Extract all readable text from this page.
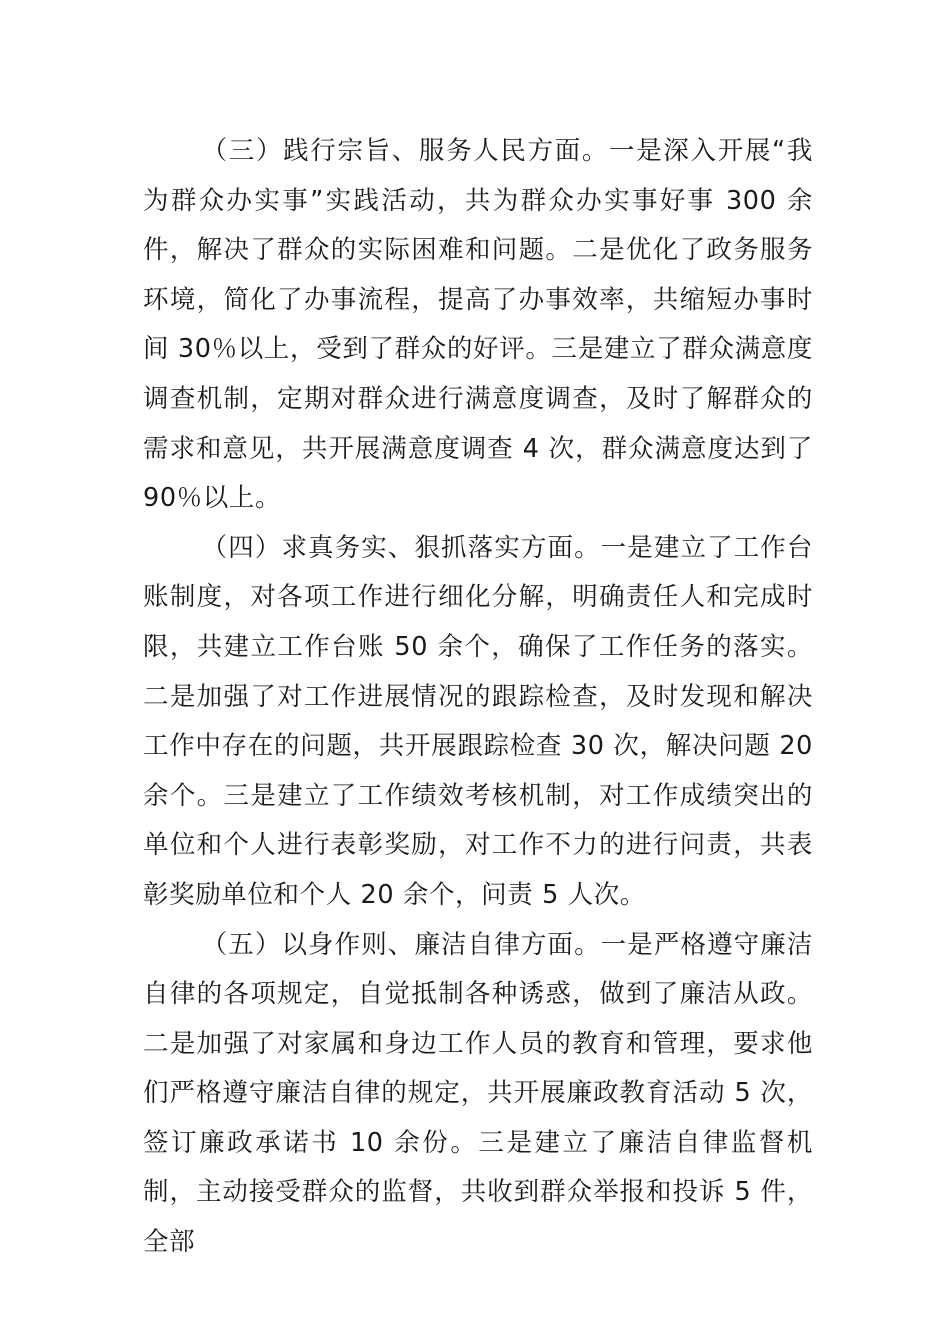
（三）践行宗旨、服务人民方面。一是深入开展“我为群众办实事”实践活动，共为群众办实事好事 300 余件，解决了群众的实际困难和问题。二是优化了政务服务环境，简化了办事流程，提高了办事效率，共缩短办事时间 30％以上，受到了群众的好评。三是建立了群众满意度调查机制，定期对群众进行满意度调查，及时了解群众的需求和意见，共开展满意度调查 4 次，群众满意度达到了 90％以上。

（四）求真务实、狠抓落实方面。一是建立了工作台账制度，对各项工作进行细化分解，明确责任人和完成时限，共建立工作台账 50 余个，确保了工作任务的落实。二是加强了对工作进展情况的跟踪检查，及时发现和解决工作中存在的问题，共开展跟踪检查 30 次，解决问题 20 余个。三是建立了工作绩效考核机制，对工作成绩突出的单位和个人进行表彰奖励，对工作不力的进行问责，共表彰奖励单位和个人 20 余个，问责 5 人次。

（五）以身作则、廉洁自律方面。一是严格遵守廉洁自律的各项规定，自觉抵制各种诱惑，做到了廉洁从政。二是加强了对家属和身边工作人员的教育和管理，要求他们严格遵守廉洁自律的规定，共开展廉政教育活动 5 次，签订廉政承诺书 10 余份。三是建立了廉洁自律监督机制，主动接受群众的监督，共收到群众举报和投诉 5 件，全部
